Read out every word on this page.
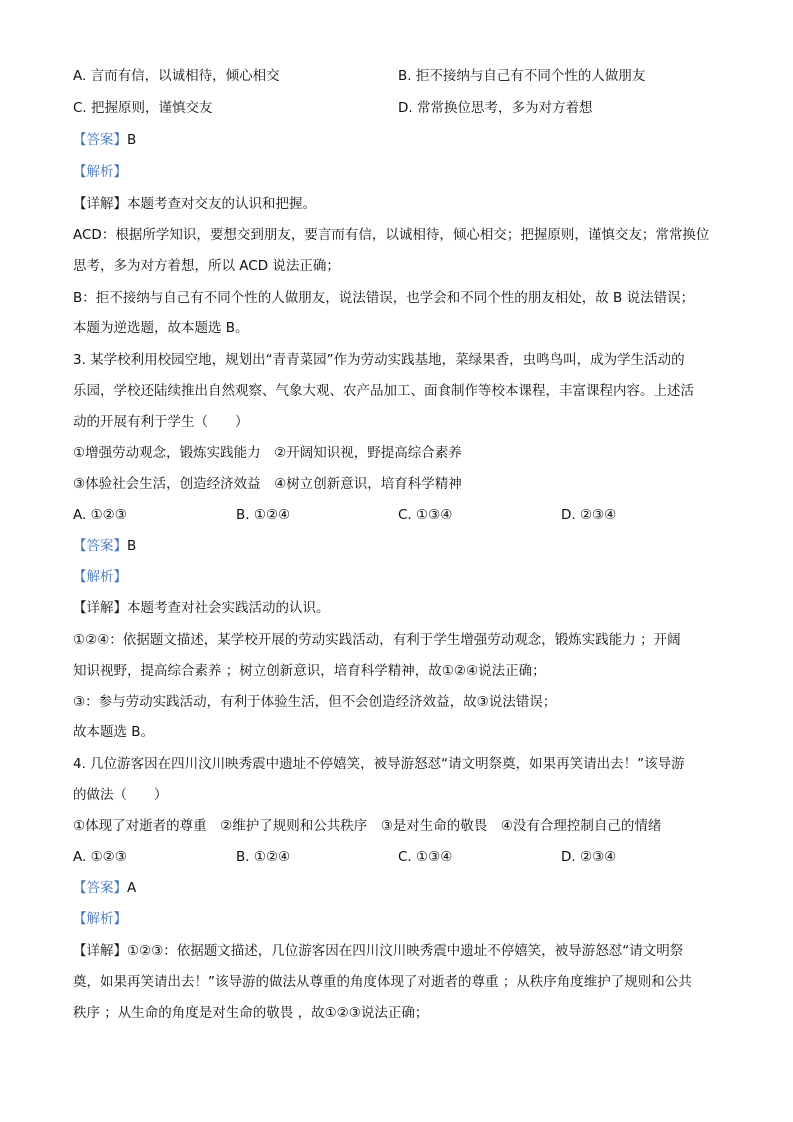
A. 言而有信，以诚相待，倾心相交	B. 拒不接纳与自己有不同个性的人做朋友
C. 把握原则，谨慎交友	D. 常常换位思考，多为对方着想
【答案】B
【解析】
【详解】本题考查对交友的认识和把握。
ACD：根据所学知识，要想交到朋友，要言而有信，以诚相待，倾心相交；把握原则，谨慎交友；常常换位
思考，多为对方着想，所以 ACD 说法正确；
B：拒不接纳与自己有不同个性的人做朋友，说法错误，也学会和不同个性的朋友相处，故 B 说法错误；
本题为逆选题，故本题选 B。
3. 某学校利用校园空地，规划出“青青菜园”作为劳动实践基地，菜绿果香，虫鸣鸟叫，成为学生活动的
乐园，学校还陆续推出自然观察、气象大观、农产品加工、面食制作等校本课程，丰富课程内容。上述活
动的开展有利于学生（　　）
①增强劳动观念，锻炼实践能力　②开阔知识视，野提高综合素养
③体验社会生活，创造经济效益　④树立创新意识，培育科学精神
A. ①②③	B. ①②④	C. ①③④	D. ②③④
【答案】B
【解析】
【详解】本题考查对社会实践活动的认识。
①②④：依据题文描述，某学校开展的劳动实践活动，有利于学生增强劳动观念，锻炼实践能力 ；开阔
知识视野，提高综合素养 ；树立创新意识，培育科学精神，故①②④说法正确；
③：参与劳动实践活动，有利于体验生活，但不会创造经济效益，故③说法错误；
故本题选 B。
4. 几位游客因在四川汶川映秀震中遗址不停嬉笑，被导游怒怼“请文明祭奠，如果再笑请出去！”该导游
的做法（　　）
①体现了对逝者的尊重　②维护了规则和公共秩序　③是对生命的敬畏　④没有合理控制自己的情绪
A. ①②③	B. ①②④	C. ①③④	D. ②③④
【答案】A
【解析】
【详解】①②③：依据题文描述，几位游客因在四川汶川映秀震中遗址不停嬉笑，被导游怒怼“请文明祭
奠，如果再笑请出去！”该导游的做法从尊重的角度体现了对逝者的尊重 ；从秩序角度维护了规则和公共
秩序 ；从生命的角度是对生命的敬畏 ，故①②③说法正确；
